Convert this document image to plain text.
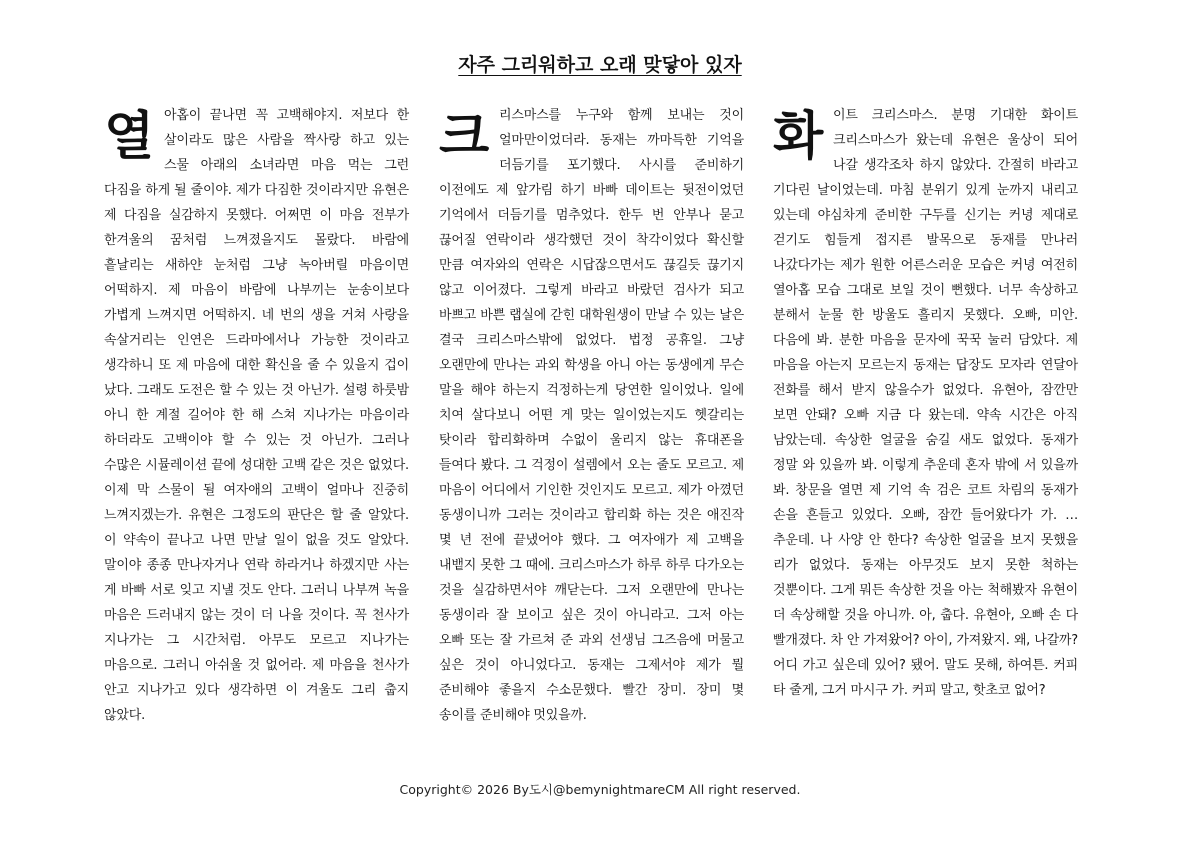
자주 그리워하고 오래 맞닿아 있자
열 아홉이 끝나면 꼭 고백해야지. 저보다 한 살이라도 많은 사람을 짝사랑 하고 있는 스물 아래의 소녀라면 마음 먹는 그런 다짐을 하게 될 줄이야. 제가 다짐한 것이라지만 유현은 제 다짐을 실감하지 못했다. 어쩌면 이 마음 전부가 한겨울의 꿈처럼 느껴졌을지도 몰랐다. 바람에 흩날리는 새하얀 눈처럼 그냥 녹아버릴 마음이면 어떡하지. 제 마음이 바람에 나부끼는 눈송이보다 가볍게 느껴지면 어떡하지. 네 번의 생을 거쳐 사랑을 속살거리는 인연은 드라마에서나 가능한 것이라고 생각하니 또 제 마음에 대한 확신을 줄 수 있을지 겁이 났다. 그래도 도전은 할 수 있는 것 아닌가. 설령 하룻밤 아니 한 계절 길어야 한 해 스쳐 지나가는 마음이라 하더라도 고백이야 할 수 있는 것 아닌가. 그러나 수많은 시뮬레이션 끝에 성대한 고백 같은 것은 없었다. 이제 막 스물이 될 여자애의 고백이 얼마나 진중히 느껴지겠는가. 유현은 그정도의 판단은 할 줄 알았다. 이 약속이 끝나고 나면 만날 일이 없을 것도 알았다. 말이야 종종 만나자거나 연락 하라거나 하겠지만 사는 게 바빠 서로 잊고 지낼 것도 안다. 그러니 나부껴 녹을 마음은 드러내지 않는 것이 더 나을 것이다. 꼭 천사가 지나가는 그 시간처럼. 아무도 모르고 지나가는 마음으로. 그러니 아쉬울 것 없어라. 제 마음을 천사가 안고 지나가고 있다 생각하면 이 겨울도 그리 춥지 않았다.
크 리스마스를 누구와 함께 보내는 것이 얼마만이었더라. 동재는 까마득한 기억을 더듬기를 포기했다. 사시를 준비하기 이전에도 제 앞가림 하기 바빠 데이트는 뒷전이었던 기억에서 더듬기를 멈추었다. 한두 번 안부나 묻고 끊어질 연락이라 생각했던 것이 착각이었다 확신할 만큼 여자와의 연락은 시답잖으면서도 끊길듯 끊기지 않고 이어졌다. 그렇게 바라고 바랐던 검사가 되고 바쁘고 바쁜 랩실에 갇힌 대학원생이 만날 수 있는 날은 결국 크리스마스밖에 없었다. 법정 공휴일. 그냥 오랜만에 만나는 과외 학생을 아니 아는 동생에게 무슨 말을 해야 하는지 걱정하는게 당연한 일이었나. 일에 치여 살다보니 어떤 게 맞는 일이었는지도 헷갈리는 탓이라 합리화하며 수없이 울리지 않는 휴대폰을 들여다 봤다. 그 걱정이 설렘에서 오는 줄도 모르고. 제 마음이 어디에서 기인한 것인지도 모르고. 제가 아꼈던 동생이니까 그러는 것이라고 합리화 하는 것은 애진작 몇 년 전에 끝냈어야 했다. 그 여자애가 제 고백을 내뱉지 못한 그 때에. 크리스마스가 하루 하루 다가오는 것을 실감하면서야 깨닫는다. 그저 오랜만에 만나는 동생이라 잘 보이고 싶은 것이 아니라고. 그저 아는 오빠 또는 잘 가르쳐 준 과외 선생님 그즈음에 머물고 싶은 것이 아니었다고. 동재는 그제서야 제가 뭘 준비해야 좋을지 수소문했다. 빨간 장미. 장미 몇 송이를 준비해야 멋있을까.
화 이트 크리스마스. 분명 기대한 화이트 크리스마스가 왔는데 유현은 울상이 되어 나갈 생각조차 하지 않았다. 간절히 바라고 기다린 날이었는데. 마침 분위기 있게 눈까지 내리고 있는데 야심차게 준비한 구두를 신기는 커녕 제대로 걷기도 힘들게 접지른 발목으로 동재를 만나러 나갔다가는 제가 원한 어른스러운 모습은 커녕 여전히 열아홉 모습 그대로 보일 것이 뻔했다. 너무 속상하고 분해서 눈물 한 방울도 흘리지 못했다. 오빠, 미안. 다음에 봐. 분한 마음을 문자에 꾹꾹 눌러 담았다. 제 마음을 아는지 모르는지 동재는 답장도 모자라 연달아 전화를 해서 받지 않을수가 없었다. 유현아, 잠깐만 보면 안돼? 오빠 지금 다 왔는데. 약속 시간은 아직 남았는데. 속상한 얼굴을 숨길 새도 없었다. 동재가 정말 와 있을까 봐. 이렇게 추운데 혼자 밖에 서 있을까 봐. 창문을 열면 제 기억 속 검은 코트 차림의 동재가 손을 흔들고 있었다. 오빠, 잠깐 들어왔다가 가. …추운데. 나 사양 안 한다? 속상한 얼굴을 보지 못했을 리가 없었다. 동재는 아무것도 보지 못한 척하는 것뿐이다. 그게 뭐든 속상한 것을 아는 척해봤자 유현이 더 속상해할 것을 아니까. 아, 춥다. 유현아, 오빠 손 다 빨개졌다. 차 안 가져왔어? 아이, 가져왔지. 왜, 나갈까? 어디 가고 싶은데 있어? 됐어. 말도 못해, 하여튼. 커피 타 줄게, 그거 마시구 가. 커피 말고, 핫초코 없어?
Copyright© 2026 By도시@bemynightmareCM All right reserved.
